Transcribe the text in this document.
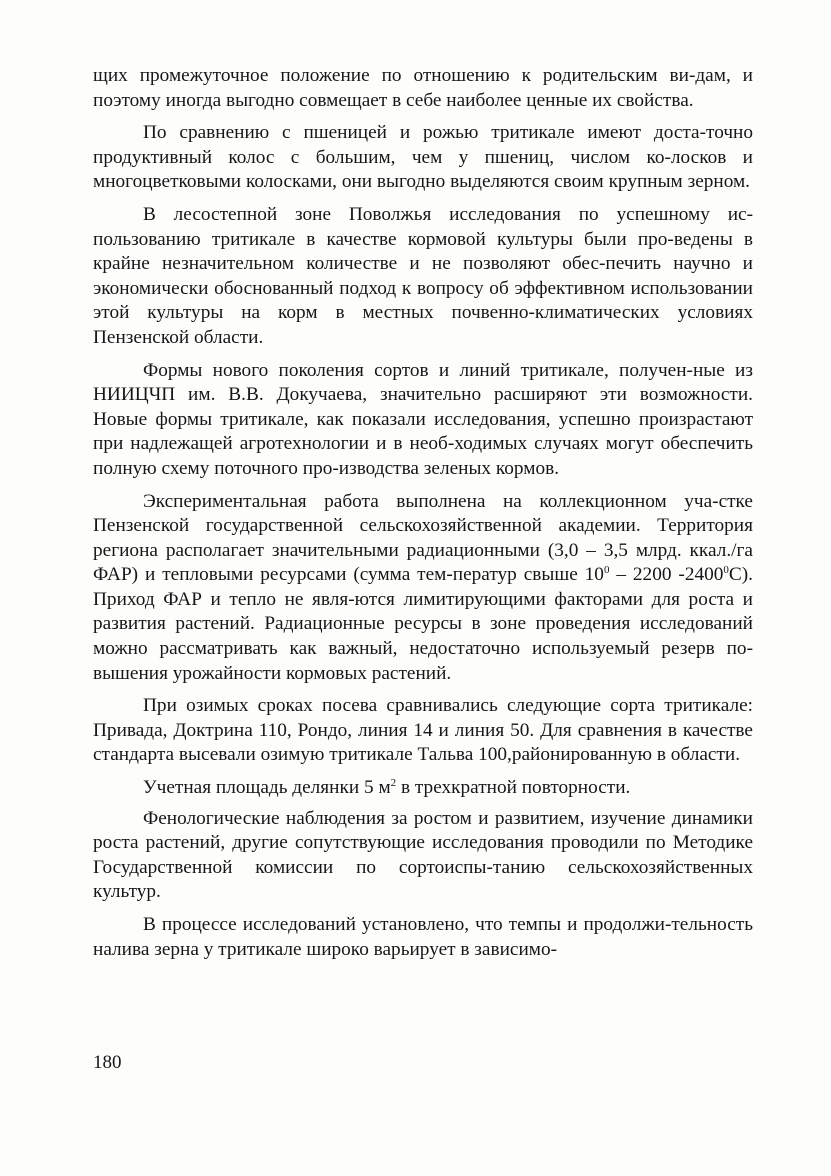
щих промежуточное положение по отношению к родительским ви-дам, и поэтому иногда выгодно совмещает в себе наиболее ценные их свойства.

По сравнению с пшеницей и рожью тритикале имеют доста-точно продуктивный колос с большим, чем у пшениц, числом ко-лосков и многоцветковыми колосками, они выгодно выделяются своим крупным зерном.

В лесостепной зоне Поволжья исследования по успешному ис-пользованию тритикале в качестве кормовой культуры были про-ведены в крайне незначительном количестве и не позволяют обес-печить научно и экономически обоснованный подход к вопросу об эффективном использовании этой культуры на корм в местных почвенно-климатических условиях Пензенской области.

Формы нового поколения сортов и линий тритикале, получен-ные из НИИЦЧП им. В.В. Докучаева, значительно расширяют эти возможности. Новые формы тритикале, как показали исследования, успешно произрастают при надлежащей агротехнологии и в необ-ходимых случаях могут обеспечить полную схему поточного про-изводства зеленых кормов.

Экспериментальная работа выполнена на коллекционном уча-стке Пензенской государственной сельскохозяйственной академии. Территория региона располагает значительными радиационными (3,0 – 3,5 млрд. ккал./га ФАР) и тепловыми ресурсами (сумма тем-ператур свыше $10^0 - 2200$ -2400$^0$С). Приход ФАР и тепло не явля-ются лимитирующими факторами для роста и развития растений. Радиационные ресурсы в зоне проведения исследований можно рассматривать как важный, недостаточно используемый резерв по-вышения урожайности кормовых растений.

При озимых сроках посева сравнивались следующие сорта тритикале: Привада, Доктрина 110, Рондо, линия 14 и линия 50. Для сравнения в качестве стандарта высевали озимую тритикале Тальва 100,районированную в области.

Учетная площадь делянки 5 $м^2$ в трехкратной повторности.

Фенологические наблюдения за ростом и развитием, изучение динамики роста растений, другие сопутствующие исследования проводили по Методике Государственной комиссии по сортоиспы-танию сельскохозяйственных культур.

В процессе исследований установлено, что темпы и продолжи-тельность налива зерна у тритикале широко варьирует в зависимо-

180
